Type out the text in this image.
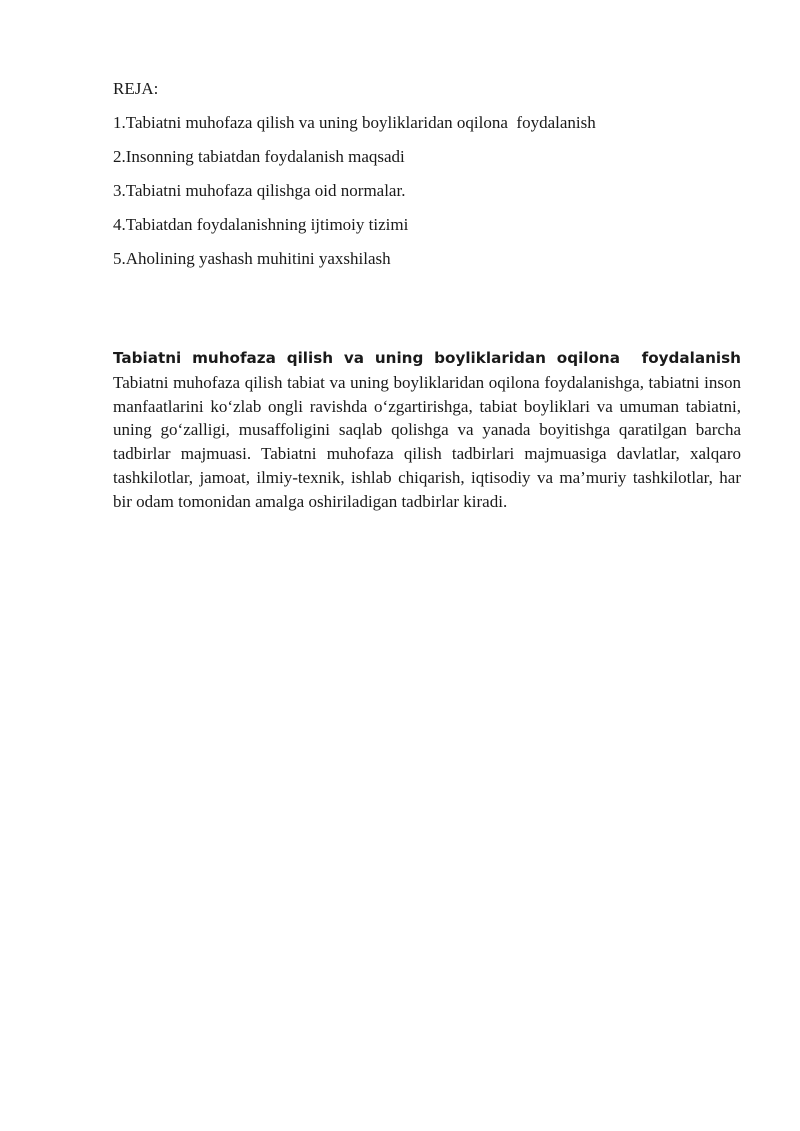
REJA:
1.Tabiatni muhofaza qilish va uning boyliklaridan oqilona  foydalanish
2.Insonning tabiatdan foydalanish maqsadi
3.Tabiatni muhofaza qilishga oid normalar.
4.Tabiatdan foydalanishning ijtimoiy tizimi
5.Aholining yashash muhitini yaxshilash

Tabiatni muhofaza qilish va uning boyliklaridan oqilona  foydalanish Tabiatni muhofaza qilish tabiat va uning boyliklaridan oqilona foydalanishga, tabiatni inson manfaatlarini ko‘zlab ongli ravishda o‘zgartirishga, tabiat boyliklari va umuman tabiatni, uning go‘zalligi, musaffoligini saqlab qolishga va yanada boyitishga qaratilgan barcha tadbirlar majmuasi. Tabiatni muhofaza qilish tadbirlari majmuasiga davlatlar, xalqaro tashkilotlar, jamoat, ilmiy-texnik, ishlab chiqarish, iqtisodiy va ma’muriy tashkilotlar, har bir odam tomonidan amalga oshiriladigan tadbirlar kiradi.
